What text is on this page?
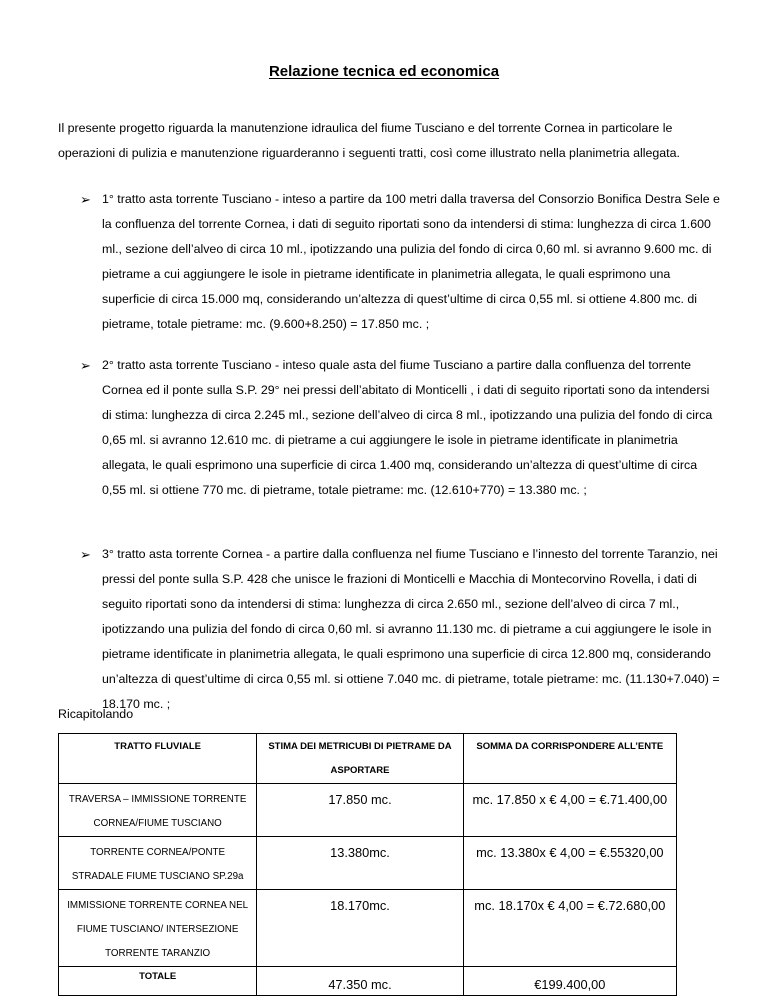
Relazione tecnica ed economica
Il presente progetto riguarda la manutenzione idraulica del fiume Tusciano e del torrente Cornea in particolare le operazioni di pulizia e manutenzione riguarderanno i seguenti tratti, così come illustrato nella planimetria allegata.
➢ 1° tratto asta torrente Tusciano - inteso a partire da 100 metri dalla traversa del Consorzio Bonifica Destra Sele e la confluenza del torrente Cornea, i dati di seguito riportati sono da intendersi di stima: lunghezza di circa 1.600 ml., sezione dell’alveo di circa 10 ml., ipotizzando una pulizia del fondo di circa 0,60 ml. si avranno 9.600 mc. di pietrame a cui aggiungere le isole in pietrame identificate in planimetria allegata, le quali esprimono una superficie di circa 15.000 mq, considerando un’altezza di quest’ultime di circa 0,55 ml. si ottiene 4.800 mc. di pietrame, totale pietrame: mc. (9.600+8.250) = 17.850 mc. ;
➢ 2° tratto asta torrente Tusciano - inteso quale asta del fiume Tusciano a partire dalla confluenza del torrente Cornea ed il ponte sulla S.P. 29° nei pressi dell’abitato di Monticelli , i dati di seguito riportati sono da intendersi di stima: lunghezza di circa 2.245 ml., sezione dell’alveo di circa 8 ml., ipotizzando una pulizia del fondo di circa 0,65 ml. si avranno 12.610 mc. di pietrame a cui aggiungere le isole in pietrame identificate in planimetria allegata, le quali esprimono una superficie di circa 1.400 mq, considerando un’altezza di quest’ultime di circa 0,55 ml. si ottiene 770 mc. di pietrame, totale pietrame: mc. (12.610+770) = 13.380 mc. ;
➢ 3° tratto asta torrente Cornea - a partire dalla confluenza nel fiume Tusciano e l’innesto del torrente Taranzio, nei pressi del ponte sulla S.P. 428 che unisce le frazioni di Monticelli e Macchia di Montecorvino Rovella, i dati di seguito riportati sono da intendersi di stima: lunghezza di circa 2.650 ml., sezione dell’alveo di circa 7 ml., ipotizzando una pulizia del fondo di circa 0,60 ml. si avranno 11.130 mc. di pietrame a cui aggiungere le isole in pietrame identificate in planimetria allegata, le quali esprimono una superficie di circa 12.800 mq, considerando un’altezza di quest’ultime di circa 0,55 ml. si ottiene 7.040 mc. di pietrame, totale pietrame: mc. (11.130+7.040) = 18.170 mc. ;
Ricapitolando
TRATTO FLUVIALE	STIMA DEI METRICUBI DI PIETRAME DA ASPORTARE	SOMMA DA CORRISPONDERE ALL’ENTE
TRAVERSA – IMMISSIONE TORRENTE CORNEA/FIUME TUSCIANO	17.850 mc.	mc. 17.850 x € 4,00 = €.71.400,00
TORRENTE CORNEA/PONTE STRADALE FIUME TUSCIANO SP.29a	13.380mc.	mc. 13.380x € 4,00 = €.55320,00
IMMISSIONE TORRENTE CORNEA NEL FIUME TUSCIANO/ INTERSEZIONE TORRENTE TARANZIO	18.170mc.	mc. 18.170x € 4,00 = €.72.680,00
TOTALE	47.350 mc.	€199.400,00
